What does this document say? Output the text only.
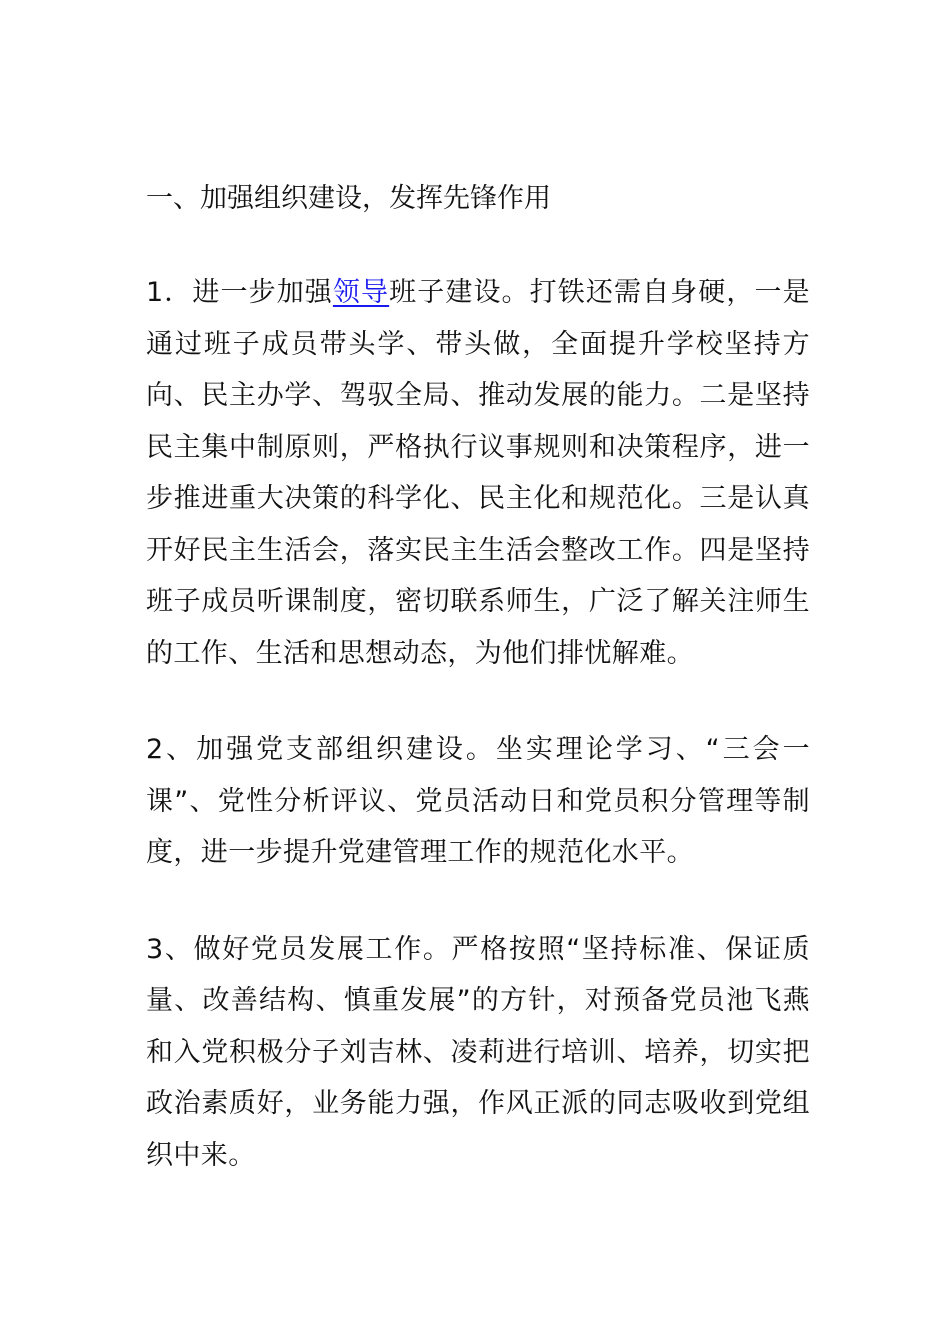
一、加强组织建设，发挥先锋作用

1．进一步加强领导班子建设。打铁还需自身硬，一是通过班子成员带头学、带头做，全面提升学校坚持方向、民主办学、驾驭全局、推动发展的能力。二是坚持民主集中制原则，严格执行议事规则和决策程序，进一步推进重大决策的科学化、民主化和规范化。三是认真开好民主生活会，落实民主生活会整改工作。四是坚持班子成员听课制度，密切联系师生，广泛了解关注师生的工作、生活和思想动态，为他们排忧解难。

2、加强党支部组织建设。坐实理论学习、“三会一课”、党性分析评议、党员活动日和党员积分管理等制度，进一步提升党建管理工作的规范化水平。

3、做好党员发展工作。严格按照“坚持标准、保证质量、改善结构、慎重发展”的方针，对预备党员池飞燕和入党积极分子刘吉林、凌莉进行培训、培养，切实把政治素质好，业务能力强，作风正派的同志吸收到党组织中来。
